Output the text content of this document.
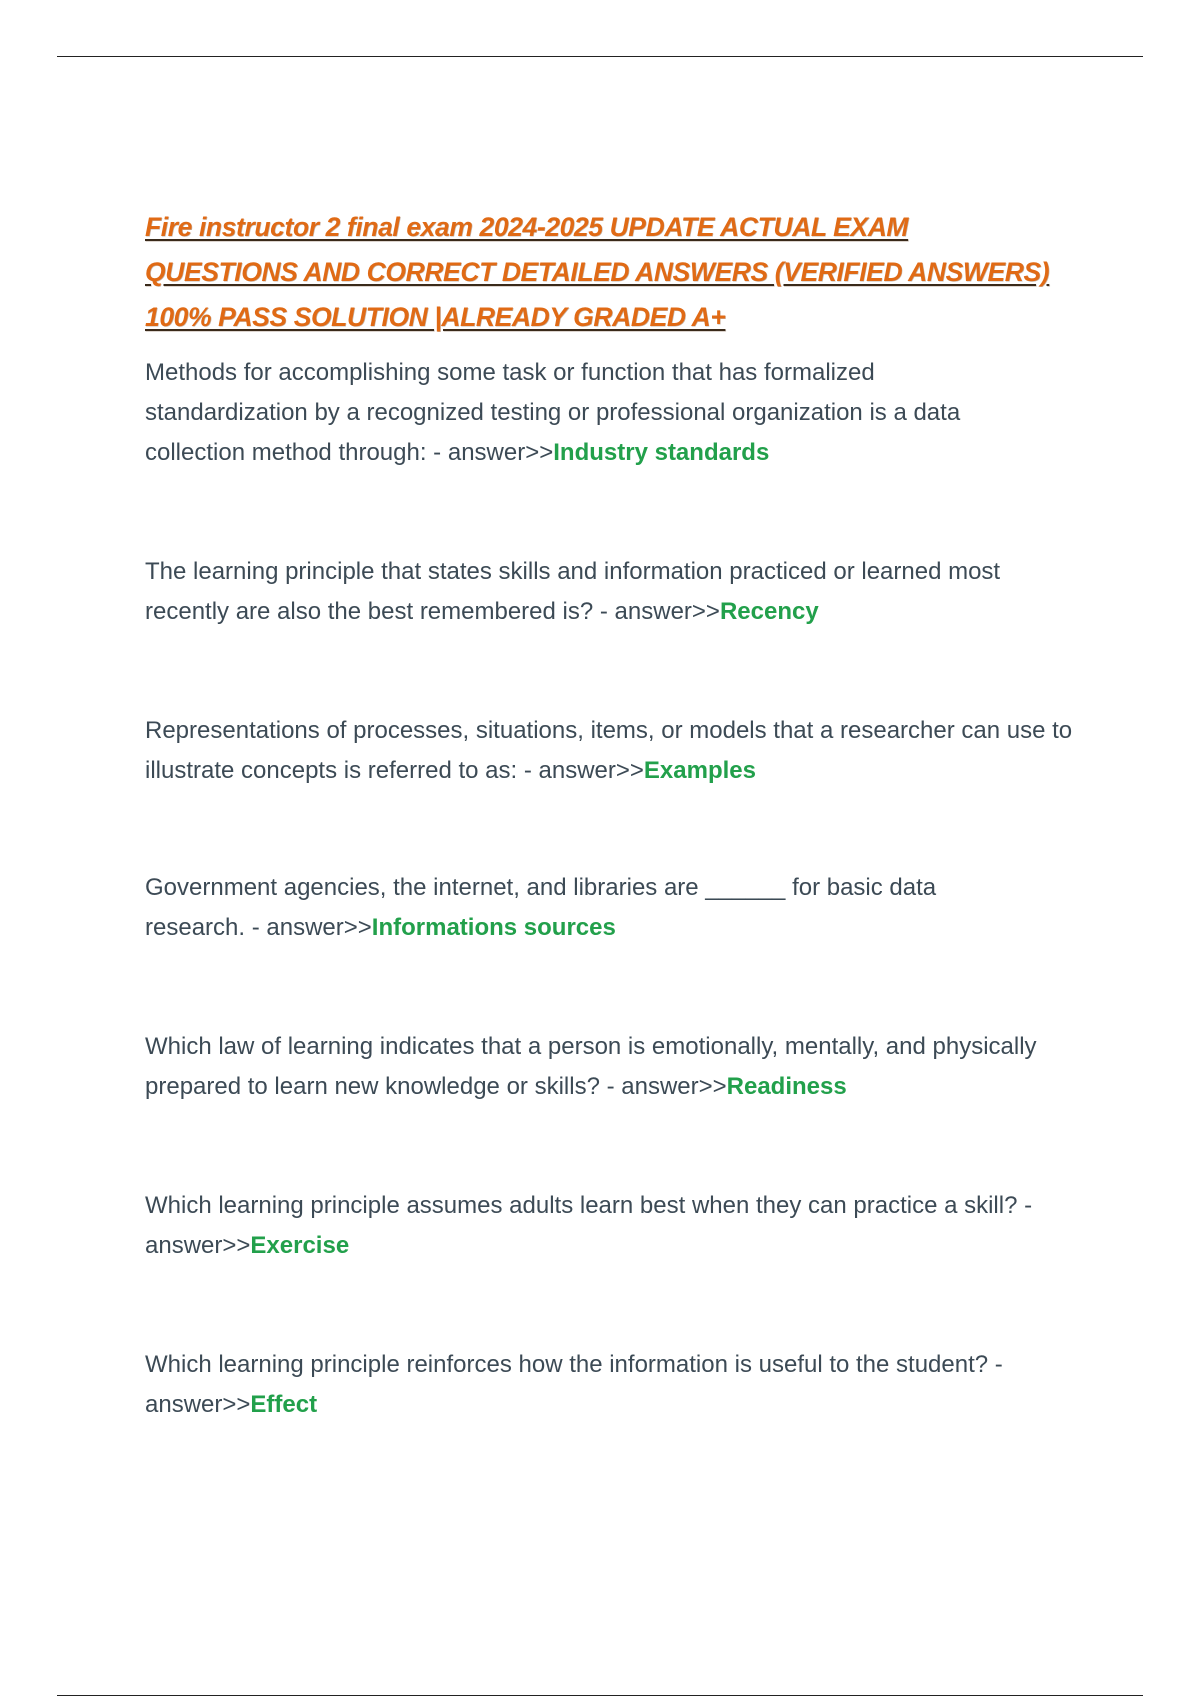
Fire instructor 2 final exam 2024-2025 UPDATE ACTUAL EXAM
QUESTIONS AND CORRECT DETAILED ANSWERS (VERIFIED ANSWERS)
100% PASS SOLUTION |ALREADY GRADED A+

Methods for accomplishing some task or function that has formalized standardization by a recognized testing or professional organization is a data collection method through: - answer>>Industry standards

The learning principle that states skills and information practiced or learned most recently are also the best remembered is? - answer>>Recency

Representations of processes, situations, items, or models that a researcher can use to illustrate concepts is referred to as: - answer>>Examples

Government agencies, the internet, and libraries are ______ for basic data research. - answer>>Informations sources

Which law of learning indicates that a person is emotionally, mentally, and physically prepared to learn new knowledge or skills? - answer>>Readiness

Which learning principle assumes adults learn best when they can practice a skill? - answer>>Exercise

Which learning principle reinforces how the information is useful to the student? - answer>>Effect
